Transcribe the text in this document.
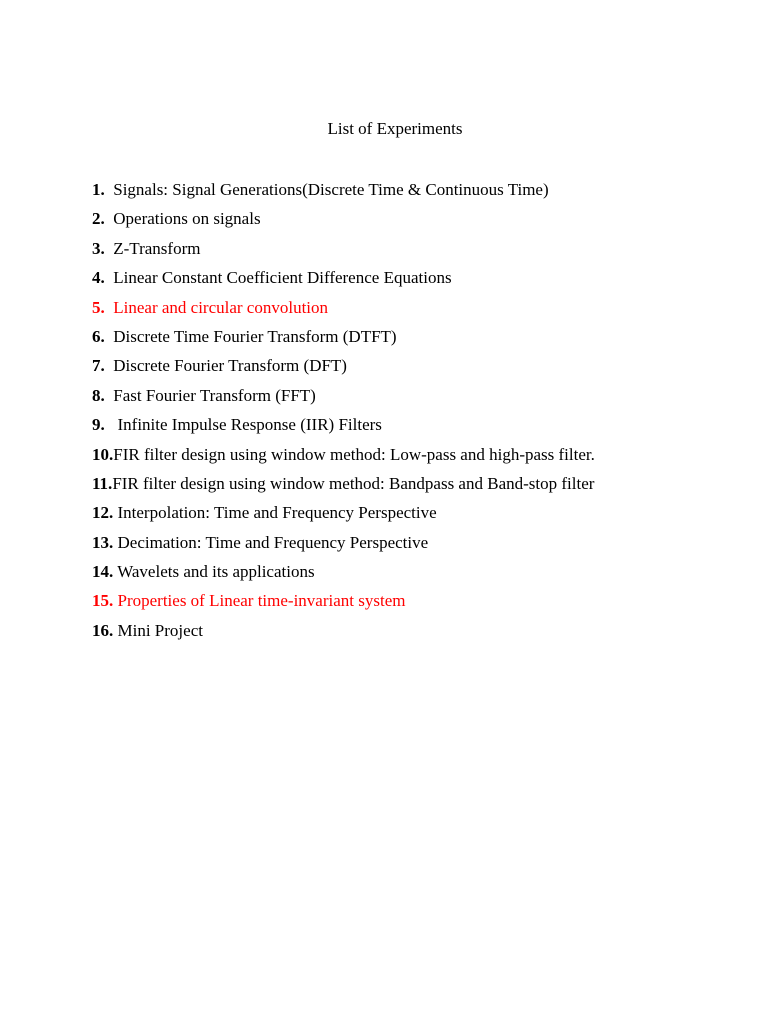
List of Experiments
1. Signals: Signal Generations(Discrete Time & Continuous Time)
2. Operations on signals
3. Z-Transform
4. Linear Constant Coefficient Difference Equations
5. Linear and circular convolution
6. Discrete Time Fourier Transform (DTFT)
7. Discrete Fourier Transform (DFT)
8. Fast Fourier Transform (FFT)
9. Infinite Impulse Response (IIR) Filters
10.FIR filter design using window method: Low-pass and high-pass filter.
11.FIR filter design using window method: Bandpass and Band-stop filter
12. Interpolation: Time and Frequency Perspective
13. Decimation: Time and Frequency Perspective
14. Wavelets and its applications
15. Properties of Linear time-invariant system
16. Mini Project
